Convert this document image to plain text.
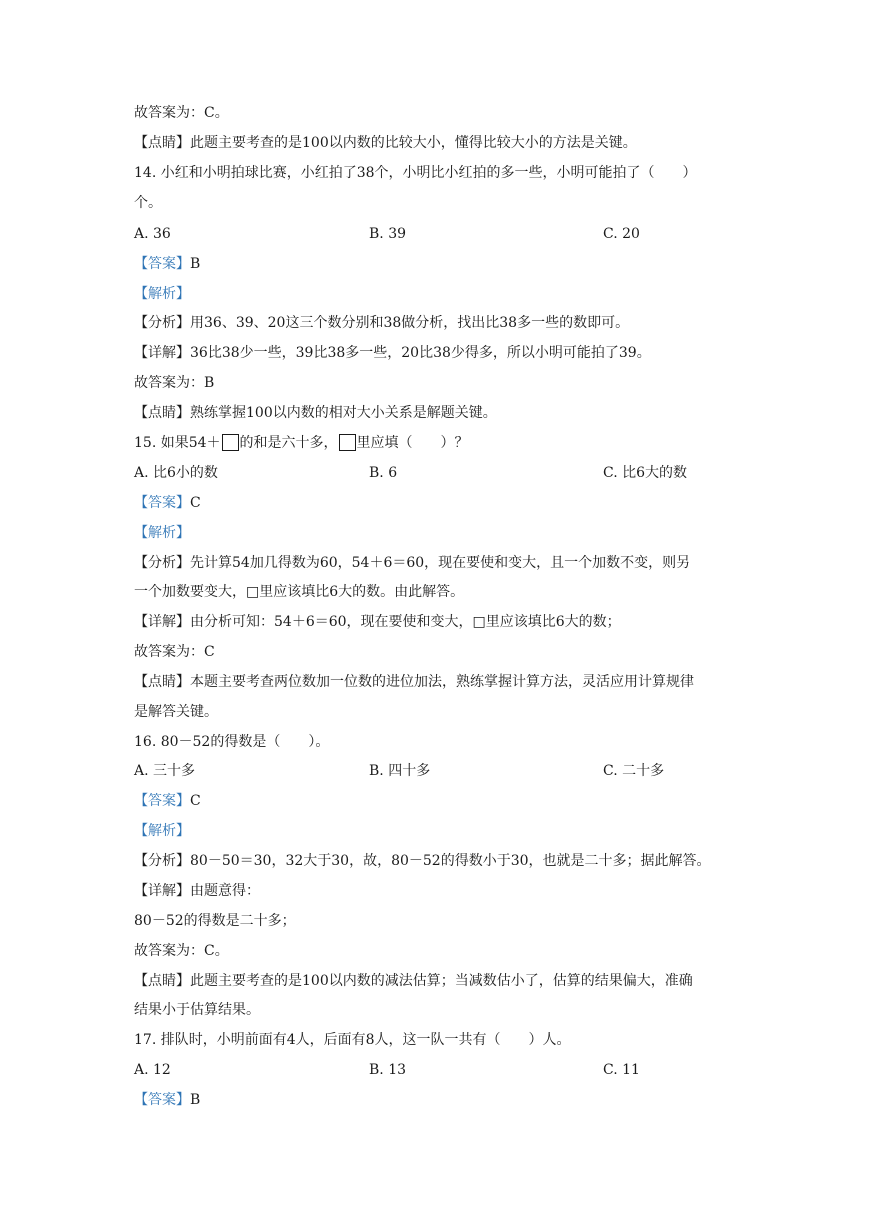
故答案为：C。
【点睛】此题主要考查的是100以内数的比较大小，懂得比较大小的方法是关键。
14. 小红和小明拍球比赛，小红拍了38个，小明比小红拍的多一些，小明可能拍了（　　）
个。
A. 36	B. 39	C. 20
【答案】B
【解析】
【分析】用36、39、20这三个数分别和38做分析，找出比38多一些的数即可。
【详解】36比38少一些，39比38多一些，20比38少得多，所以小明可能拍了39。
故答案为：B
【点睛】熟练掌握100以内数的相对大小关系是解题关键。
15. 如果54＋ 的和是六十多， 里应填（　　）？
A. 比6小的数	B. 6	C. 比6大的数
【答案】C
【解析】
【分析】先计算54加几得数为60，54＋6＝60，现在要使和变大，且一个加数不变，则另
一个加数要变大，□里应该填比6大的数。由此解答。
【详解】由分析可知：54＋6＝60，现在要使和变大，□里应该填比6大的数；
故答案为：C
【点睛】本题主要考查两位数加一位数的进位加法，熟练掌握计算方法，灵活应用计算规律
是解答关键。
16. 80－52的得数是（　　）。
A. 三十多	B. 四十多	C. 二十多
【答案】C
【解析】
【分析】80－50＝30，32大于30，故，80－52的得数小于30，也就是二十多；据此解答。
【详解】由题意得：
80－52的得数是二十多；
故答案为：C。
【点睛】此题主要考查的是100以内数的减法估算；当减数估小了，估算的结果偏大，准确
结果小于估算结果。
17. 排队时，小明前面有4人，后面有8人，这一队一共有（　　）人。
A. 12	B. 13	C. 11
【答案】B
